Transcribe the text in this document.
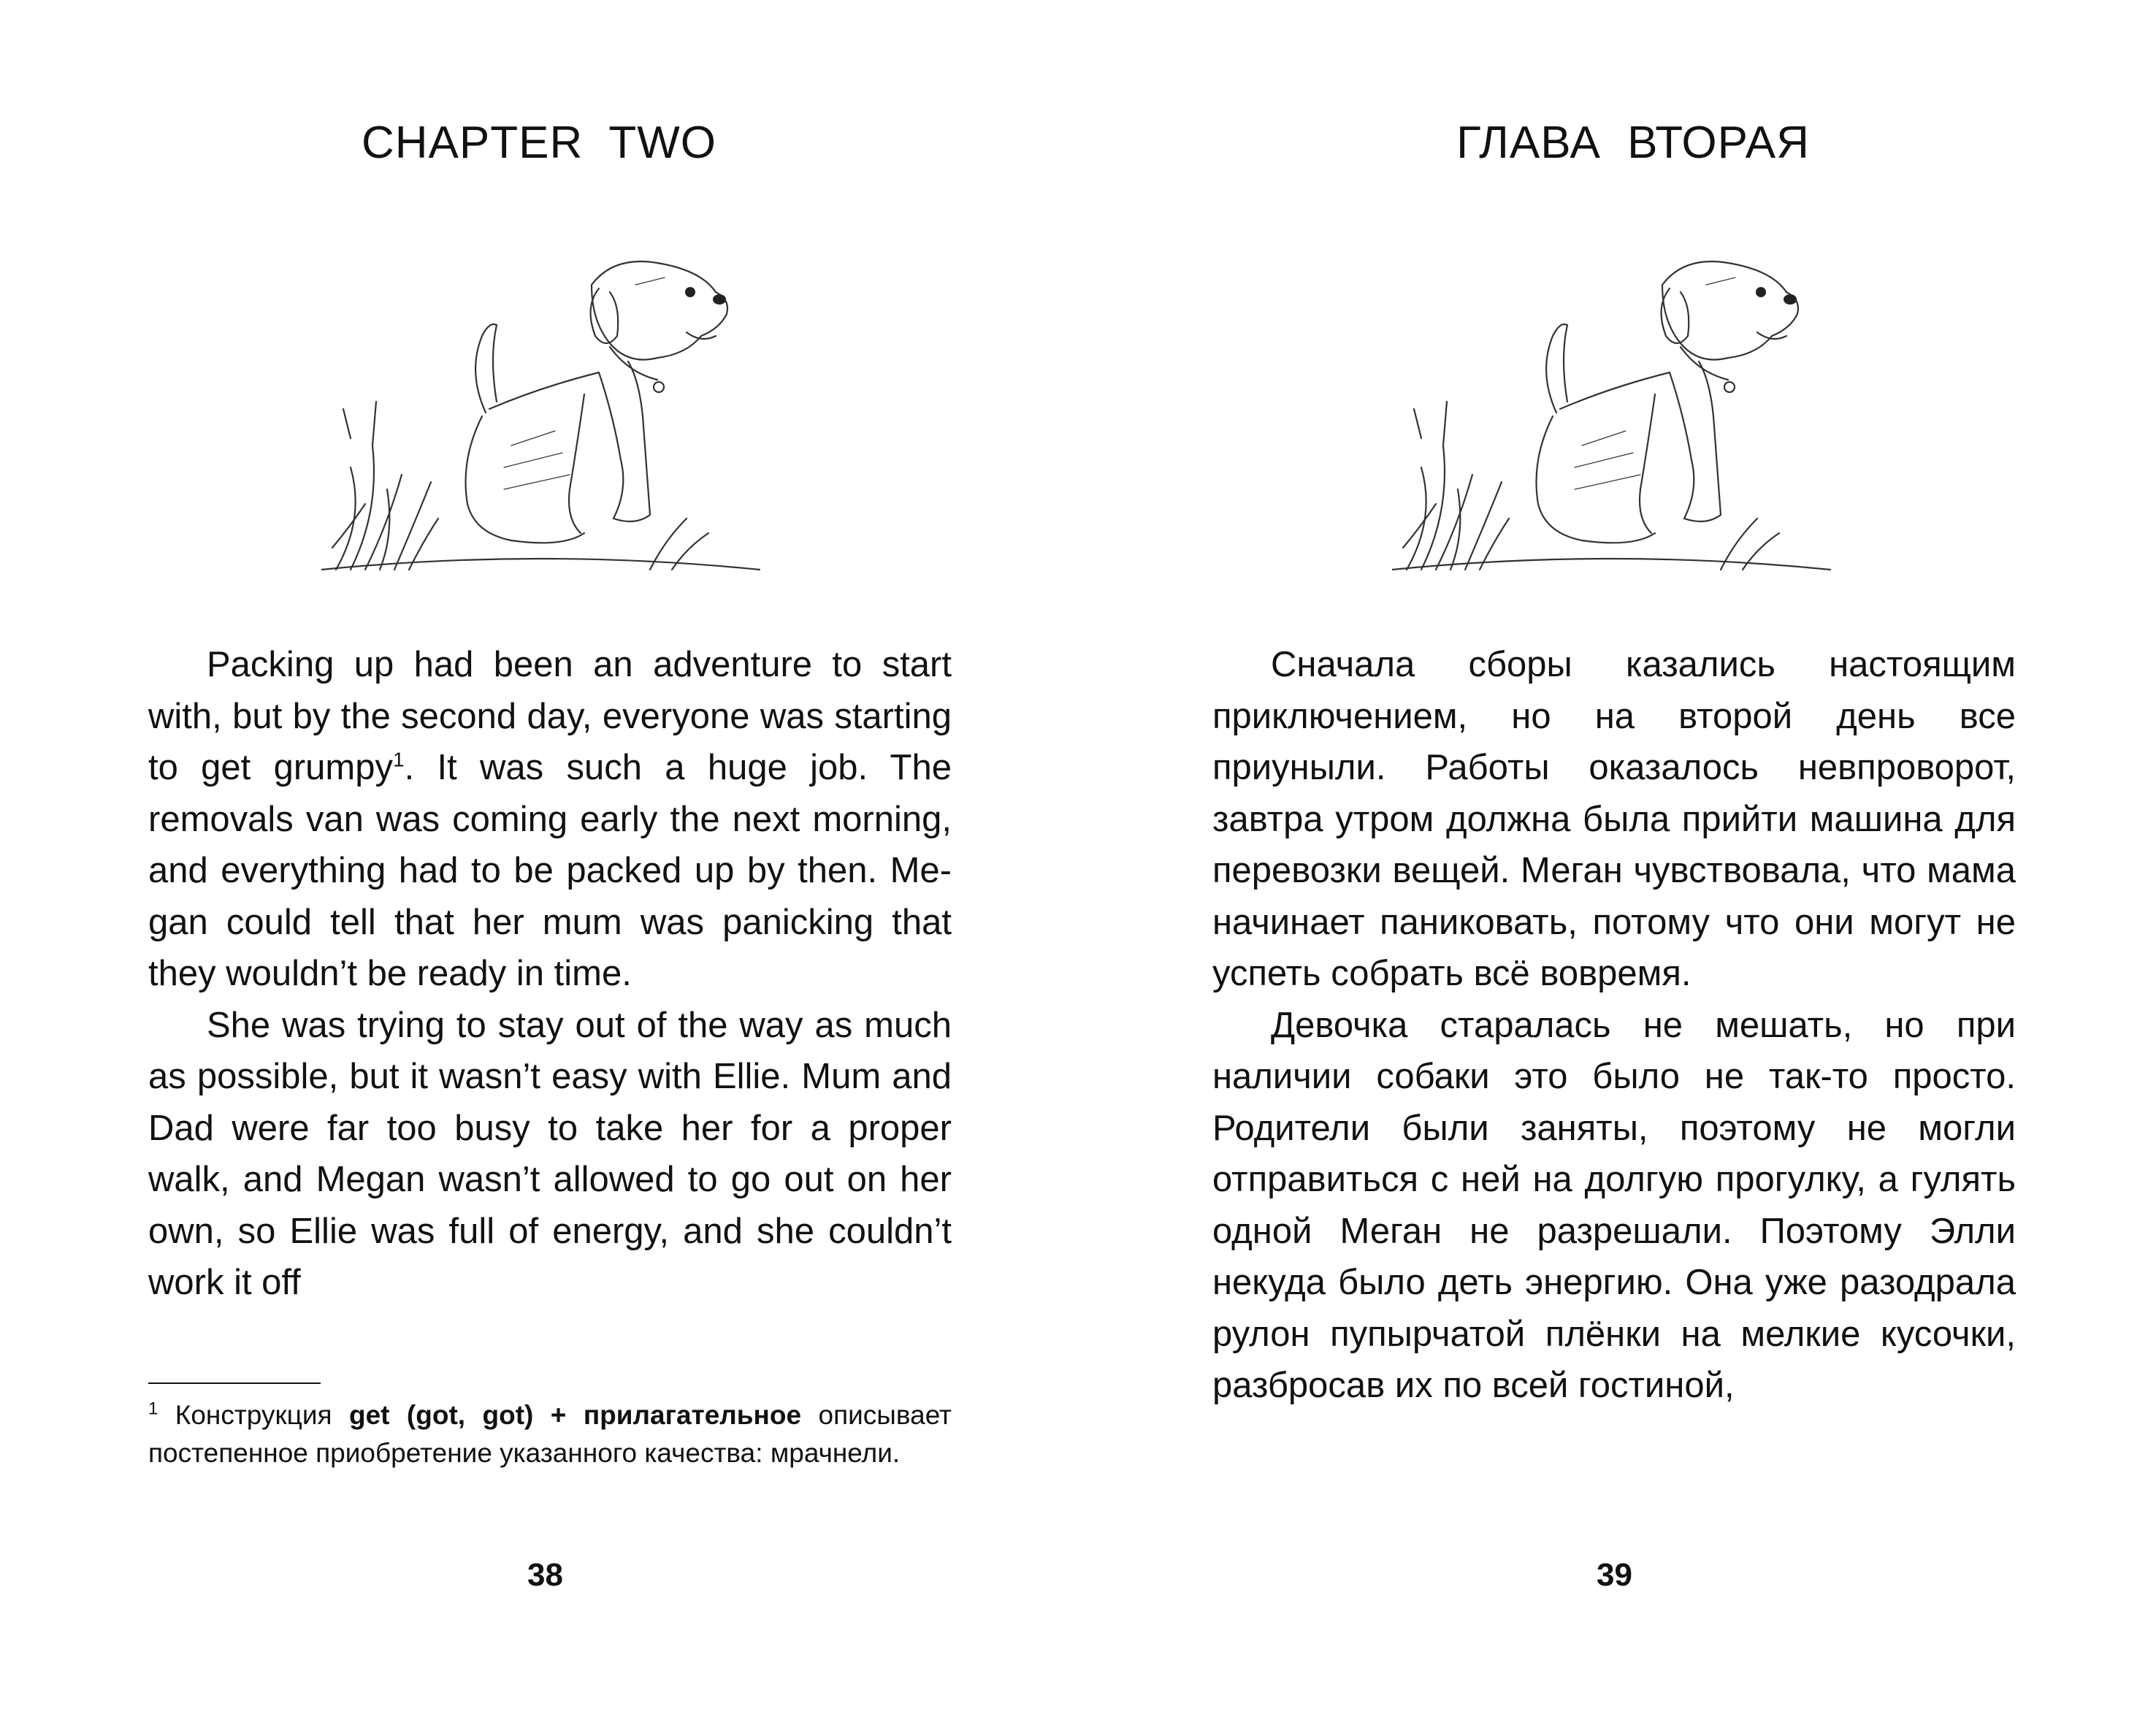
CHAPTER TWO

Packing up had been an adventure to start with, but by the second day, everyone was starting to get grumpy$^1$. It was such a huge job. The removals van was coming early the next morning, and everything had to be packed up by then. Megan could tell that her mum was panicking that they wouldn’t be ready in time.

She was trying to stay out of the way as much as possible, but it wasn’t easy with Ellie. Mum and Dad were far too busy to take her for a proper walk, and Megan wasn’t allowed to go out on her own, so Ellie was full of energy, and she couldn’t work it off

$^1$ Конструкция get (got, got) + прилагательное описывает постепенное приобретение указанного качества: мрачнели.
38
ГЛАВА ВТОРАЯ

Сначала сборы казались настоящим приключением, но на второй день все приуныли. Работы оказалось невпроворот, завтра утром должна была прийти машина для перевозки вещей. Меган чувствовала, что мама начинает паниковать, потому что они могут не успеть собрать всё вовремя.

Девочка старалась не мешать, но при наличии собаки это было не так-то просто. Родители были заняты, поэтому не могли отправиться с ней на долгую прогулку, а гулять одной Меган не разрешали. Поэтому Элли некуда было деть энергию. Она уже разодрала рулон пупырчатой плёнки на мелкие кусочки, разбросав их по всей гостиной,

39
